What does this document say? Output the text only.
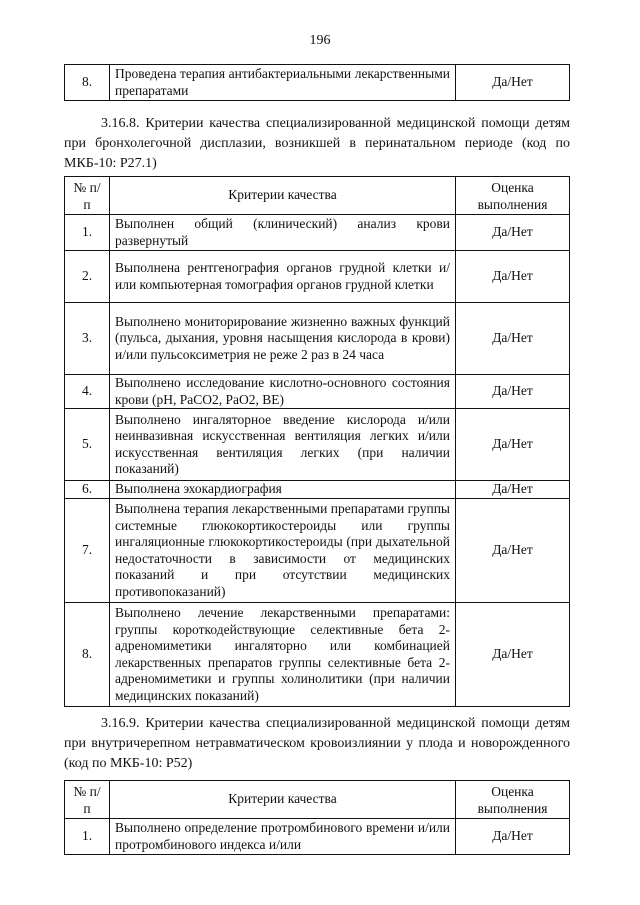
196
8.	Проведена терапия антибактериальными лекарственными препаратами	Да/Нет

3.16.8. Критерии качества специализированной медицинской помощи детям при бронхолегочной дисплазии, возникшей в перинатальном периоде (код по МКБ-10: P27.1)

№ п/п	Критерии качества	Оценка выполнения
1.	Выполнен общий (клинический) анализ крови развернутый	Да/Нет
2.	Выполнена рентгенография органов грудной клетки и/или компьютерная томография органов грудной клетки	Да/Нет
3.	Выполнено мониторирование жизненно важных функций (пульса, дыхания, уровня насыщения кислорода в крови) и/или пульсоксиметрия не реже 2 раз в 24 часа	Да/Нет
4.	Выполнено исследование кислотно-основного состояния крови (pH, PaCO2, PaO2, BE)	Да/Нет
5.	Выполнено ингаляторное введение кислорода и/или неинвазивная искусственная вентиляция легких и/или искусственная вентиляция легких (при наличии показаний)	Да/Нет
6.	Выполнена эхокардиография	Да/Нет
7.	Выполнена терапия лекарственными препаратами группы системные глюкокортикостероиды или группы ингаляционные глюкокортикостероиды (при дыхательной недостаточности в зависимости от медицинских показаний и при отсутствии медицинских противопоказаний)	Да/Нет
8.	Выполнено лечение лекарственными препаратами: группы короткодействующие селективные бета 2-адреномиметики ингаляторно или комбинацией лекарственных препаратов группы селективные бета 2-адреномиметики и группы холинолитики (при наличии медицинских показаний)	Да/Нет

3.16.9. Критерии качества специализированной медицинской помощи детям при внутричерепном нетравматическом кровоизлиянии у плода и новорожденного (код по МКБ-10: P52)

№ п/п	Критерии качества	Оценка выполнения
1.	Выполнено определение протромбинового времени и/или протромбинового индекса и/или	Да/Нет
